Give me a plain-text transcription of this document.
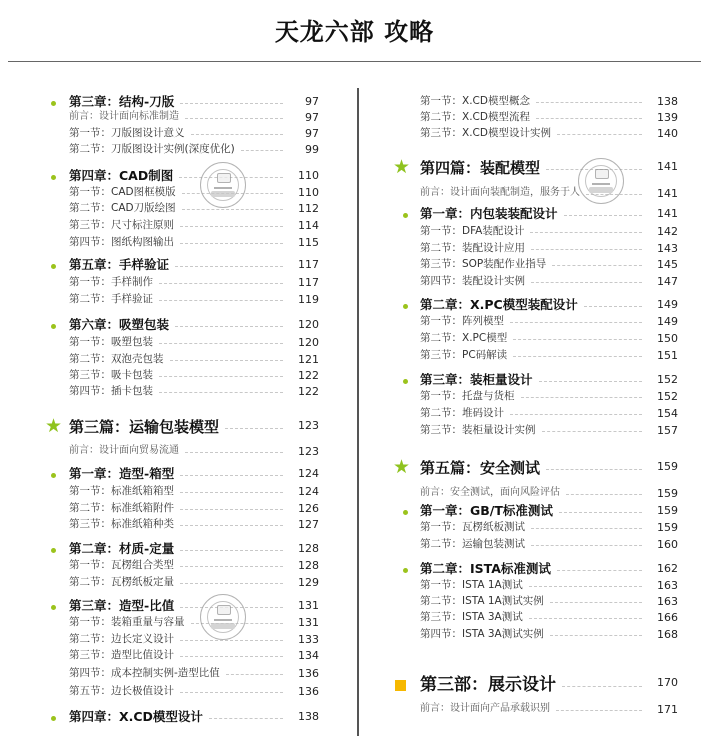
天龙六部 攻略
第三章：结构-刀版	97
前言：设计面向标准制造	97
第一节：刀版图设计意义	97
第二节：刀版图设计实例(深度优化)	99
第四章：CAD制图	110
第一节：CAD图框模版	110
第二节：CAD刀版绘图	112
第三节：尺寸标注原则	114
第四节：图纸构图输出	115
第五章：手样验证	117
第一节：手样制作	117
第二节：手样验证	119
第六章：吸塑包装	120
第一节：吸塑包装	120
第二节：双泡壳包装	121
第三节：吸卡包装	122
第四节：插卡包装	122
★ 第三篇：运输包装模型	123
前言：设计面向贸易流通	123
第一章：造型-箱型	124
第一节：标准纸箱箱型	124
第二节：标准纸箱附件	126
第三节：标准纸箱种类	127
第二章：材质-定量	128
第一节：瓦楞组合类型	128
第二节：瓦楞纸板定量	129
第三章：造型-比值	131
第一节：装箱重量与容量	131
第二节：边长定义设计	133
第三节：造型比值设计	134
第四节：成本控制实例-造型比值	136
第五节：边长极值设计	136
第四章：X.CD模型设计	138
第一节：X.CD模型概念	138
第二节：X.CD模型流程	139
第三节：X.CD模型设计实例	140
★ 第四篇：装配模型	141
前言：设计面向装配制造，服务于人	141
第一章：内包装装配设计	141
第一节：DFA装配设计	142
第二节：装配设计应用	143
第三节：SOP装配作业指导	145
第四节：装配设计实例	147
第二章：X.PC模型装配设计	149
第一节：阵列模型	149
第二节：X.PC模型	150
第三节：PC码解读	151
第三章：装柜量设计	152
第一节：托盘与货柜	152
第二节：堆码设计	154
第三节：装柜量设计实例	157
★ 第五篇：安全测试	159
前言：安全测试，面向风险评估	159
第一章：GB/T标准测试	159
第一节：瓦楞纸板测试	159
第二节：运输包装测试	160
第二章：ISTA标准测试	162
第一节：ISTA 1A测试	163
第二节：ISTA 1A测试实例	163
第三节：ISTA 3A测试	166
第四节：ISTA 3A测试实例	168
第三部：展示设计	170
前言：设计面向产品承载识别	171
